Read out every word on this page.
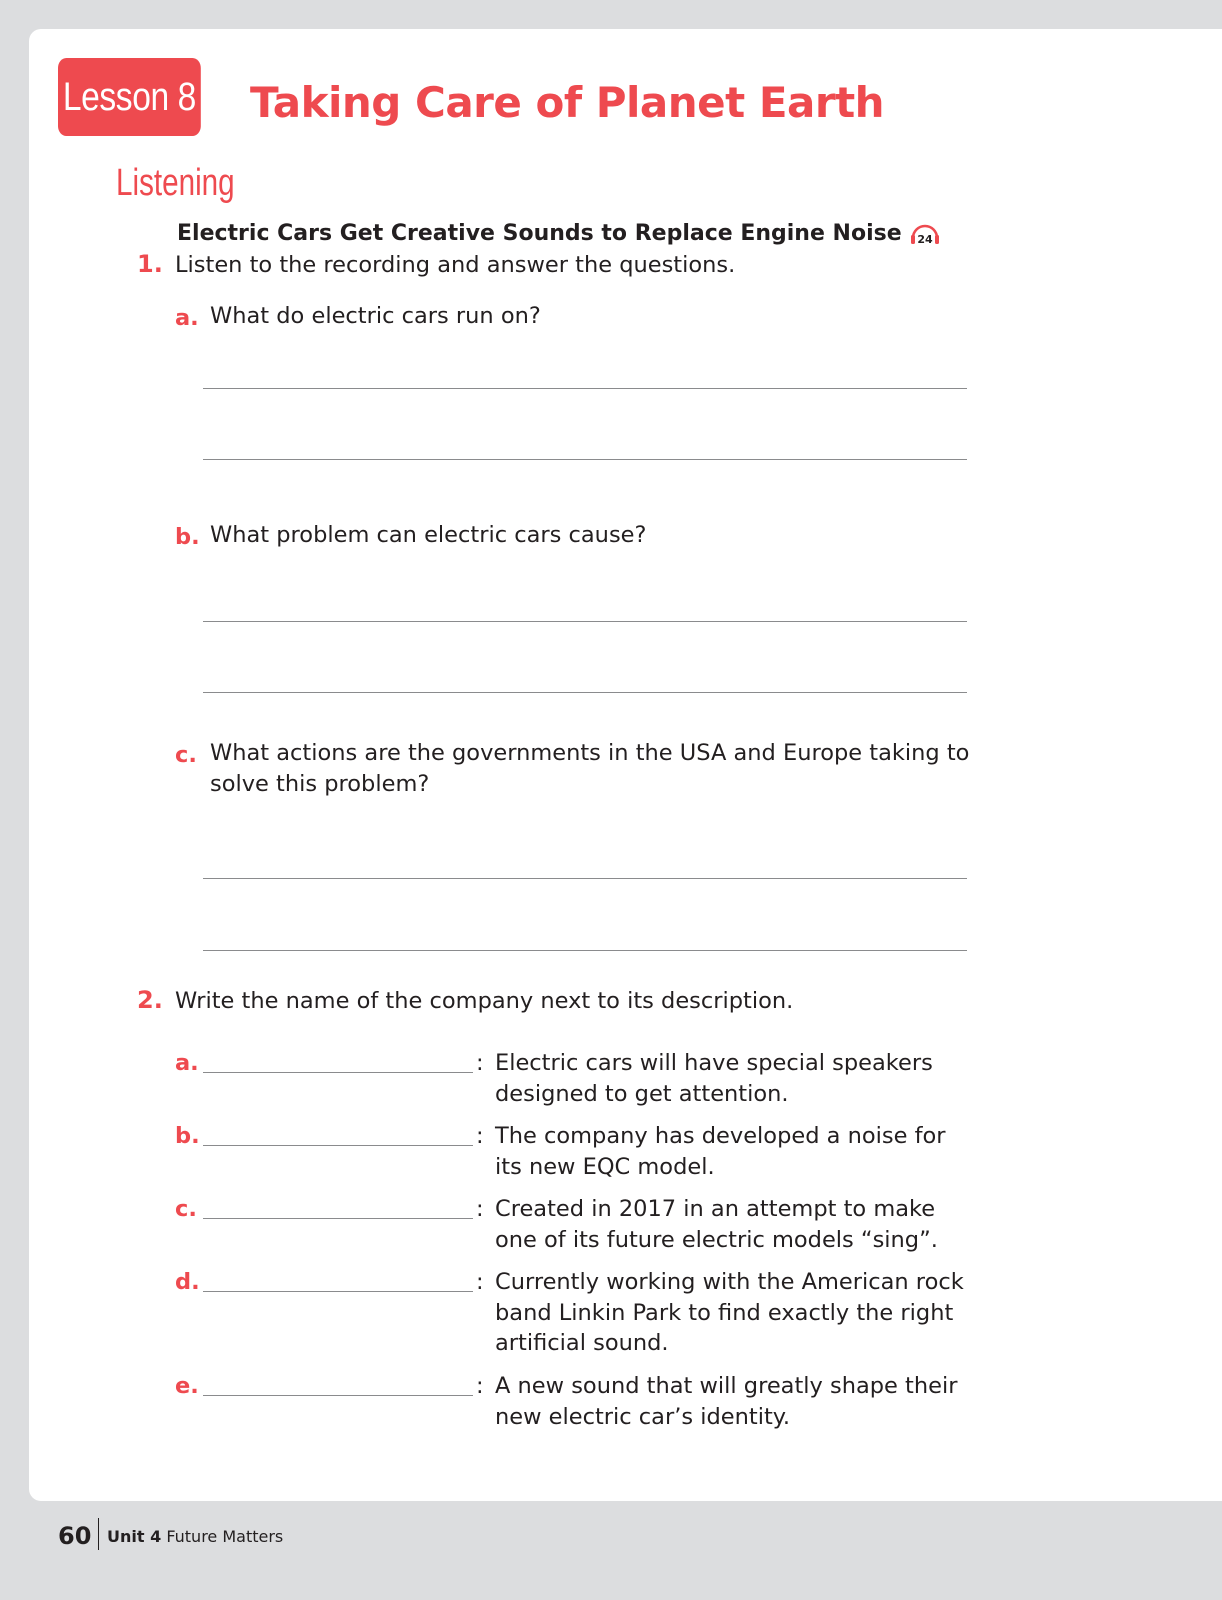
Lesson 8 Taking Care of Planet Earth
Listening
Electric Cars Get Creative Sounds to Replace Engine Noise 24
1. Listen to the recording and answer the questions.
a. What do electric cars run on?
b. What problem can electric cars cause?
c. What actions are the governments in the USA and Europe taking to solve this problem?
2. Write the name of the company next to its description.
a.	: Electric cars will have special speakers designed to get attention.
b.	: The company has developed a noise for its new EQC model.
c.	: Created in 2017 in an attempt to make one of its future electric models “sing”.
d.	: Currently working with the American rock band Linkin Park to find exactly the right artificial sound.
e.	: A new sound that will greatly shape their new electric car’s identity.
60 Unit 4 Future Matters
